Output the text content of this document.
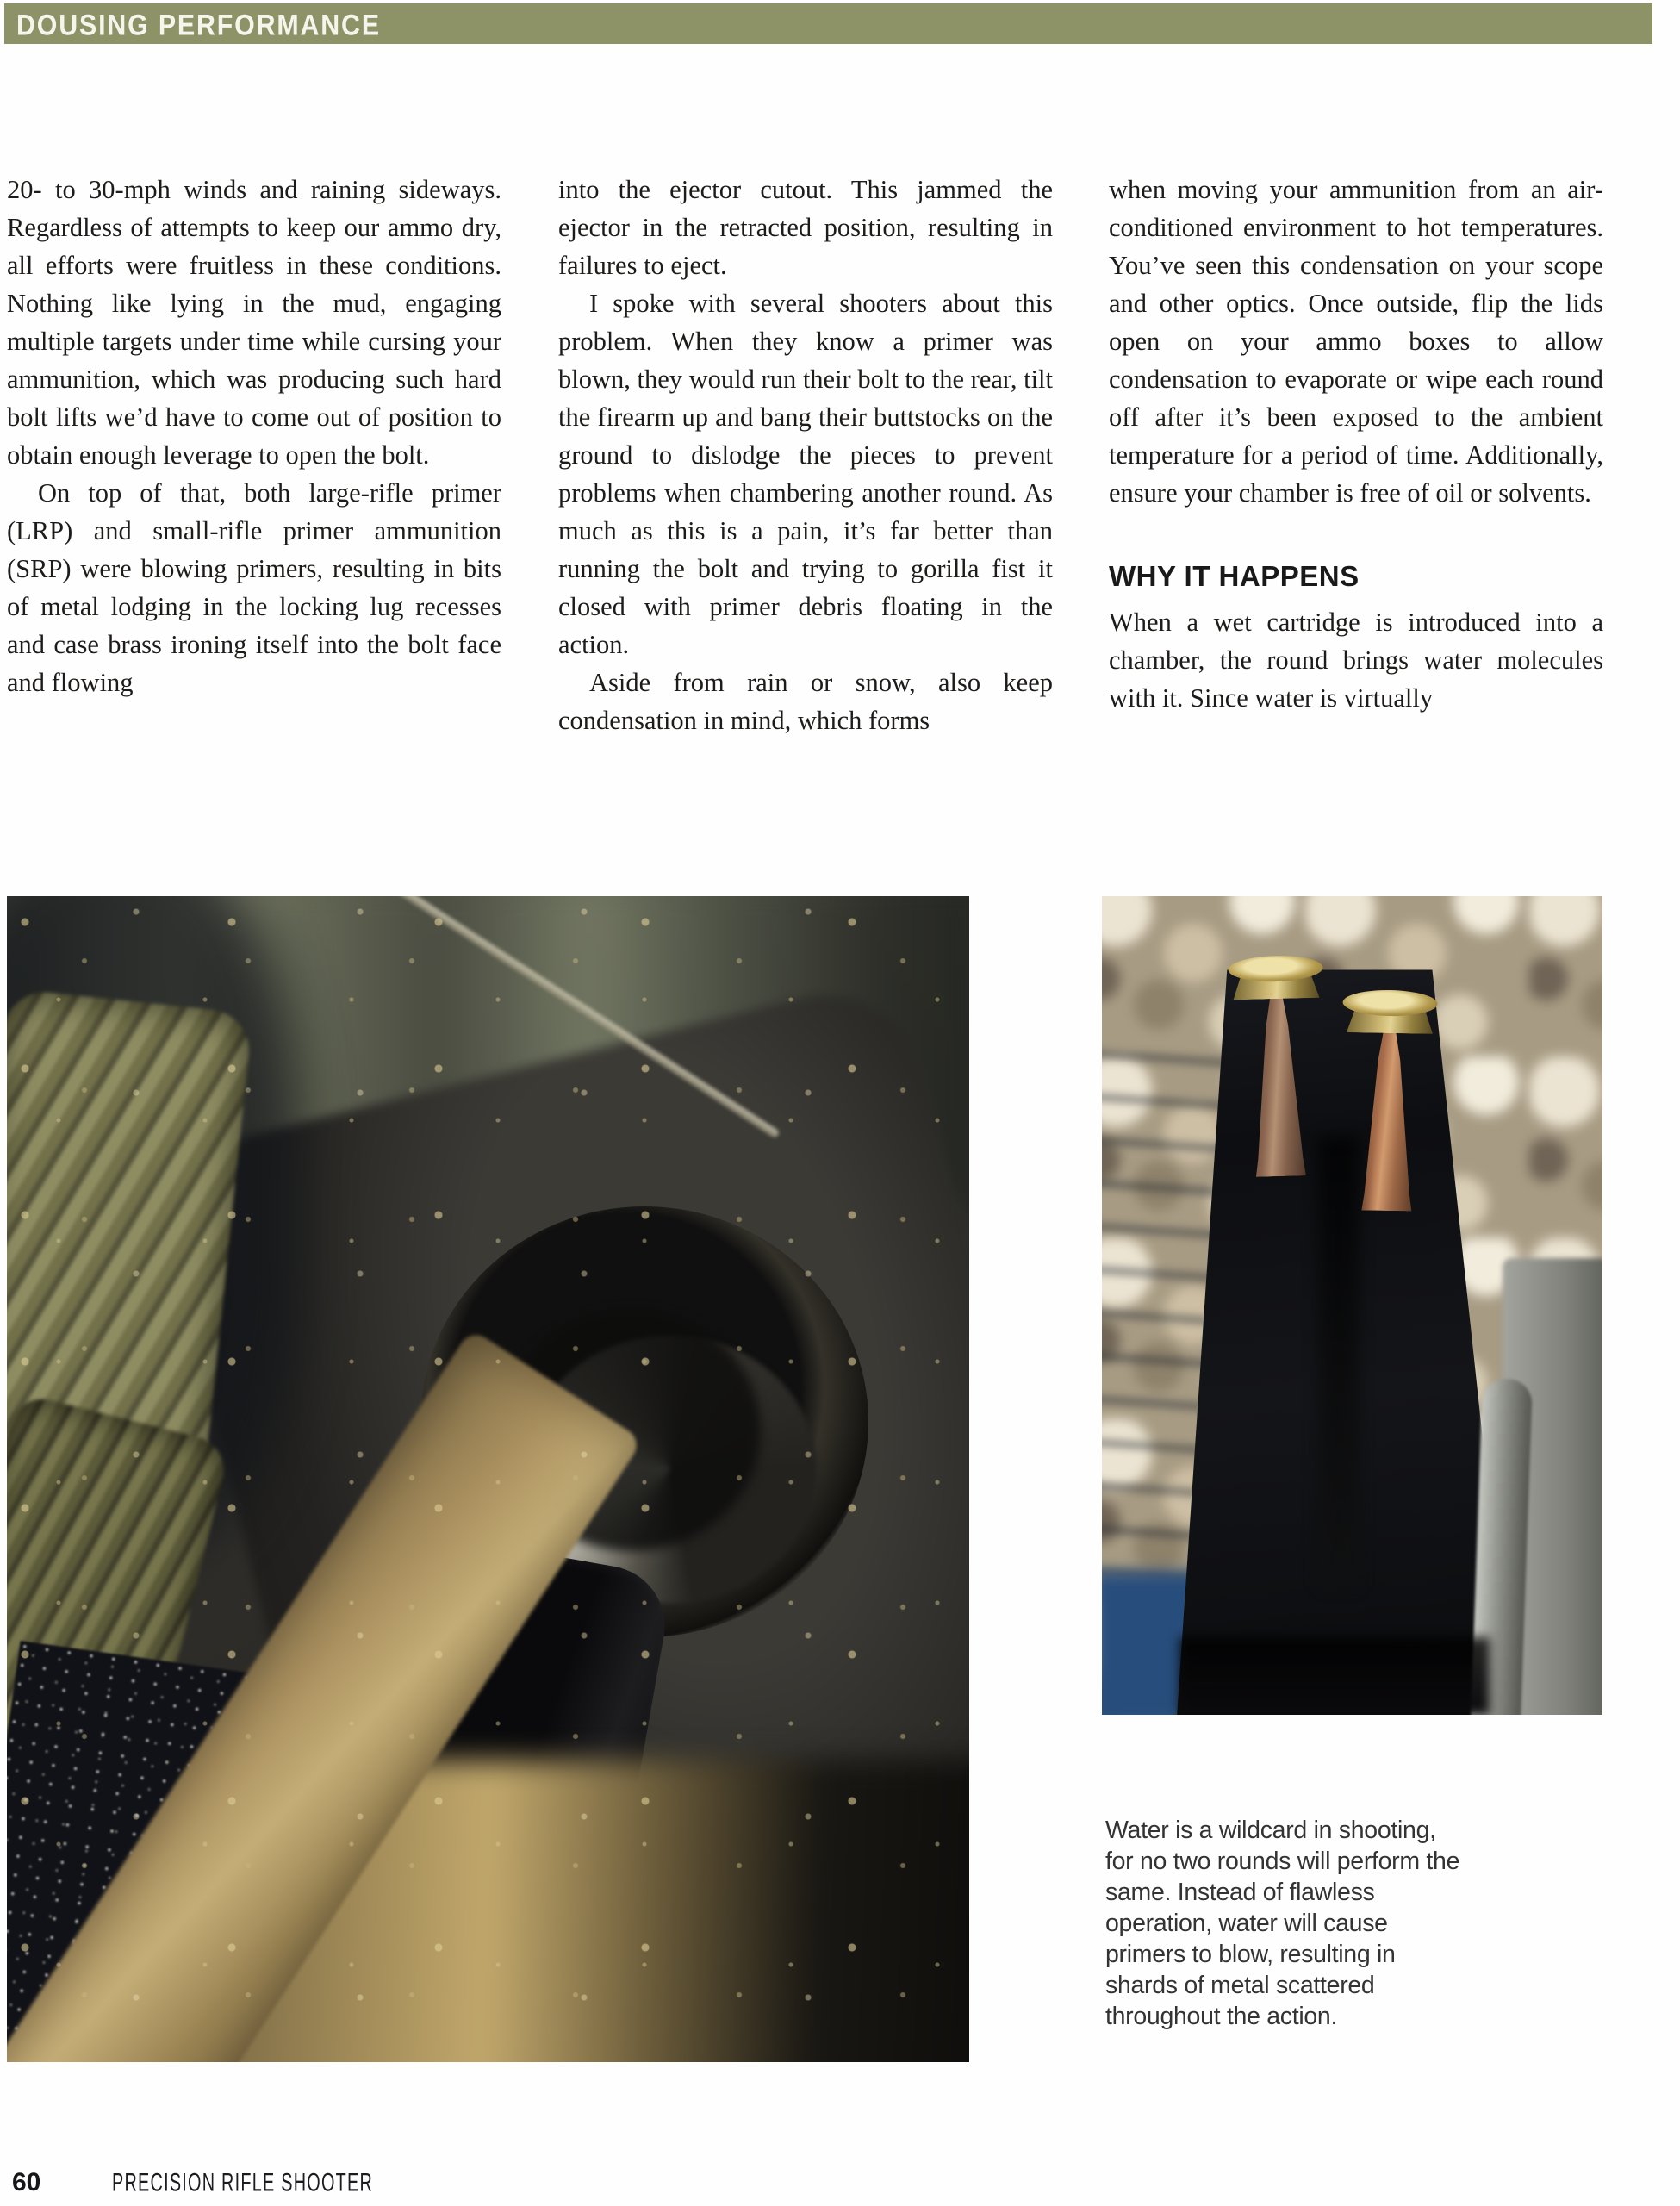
DOUSING PERFORMANCE

20- to 30-mph winds and raining sideways. Regardless of attempts to keep our ammo dry, all efforts were fruitless in these conditions. Nothing like lying in the mud, engaging multiple targets under time while cursing your ammunition, which was producing such hard bolt lifts we’d have to come out of position to obtain enough leverage to open the bolt.

On top of that, both large-rifle primer (LRP) and small-rifle primer ammunition (SRP) were blowing primers, resulting in bits of metal lodging in the locking lug recesses and case brass ironing itself into the bolt face and flowing

into the ejector cutout. This jammed the ejector in the retracted position, resulting in failures to eject.

I spoke with several shooters about this problem. When they know a primer was blown, they would run their bolt to the rear, tilt the firearm up and bang their buttstocks on the ground to dislodge the pieces to prevent problems when chambering another round. As much as this is a pain, it’s far better than running the bolt and trying to gorilla fist it closed with primer debris floating in the action.

Aside from rain or snow, also keep condensation in mind, which forms

when moving your ammunition from an air-conditioned environment to hot temperatures. You’ve seen this condensation on your scope and other optics. Once outside, flip the lids open on your ammo boxes to allow condensation to evaporate or wipe each round off after it’s been exposed to the ambient temperature for a period of time. Additionally, ensure your chamber is free of oil or solvents.

WHY IT HAPPENS

When a wet cartridge is introduced into a chamber, the round brings water molecules with it. Since water is virtually

Water is a wildcard in shooting, for no two rounds will perform the same. Instead of flawless operation, water will cause primers to blow, resulting in shards of metal scattered throughout the action.

60	PRECISION RIFLE SHOOTER
